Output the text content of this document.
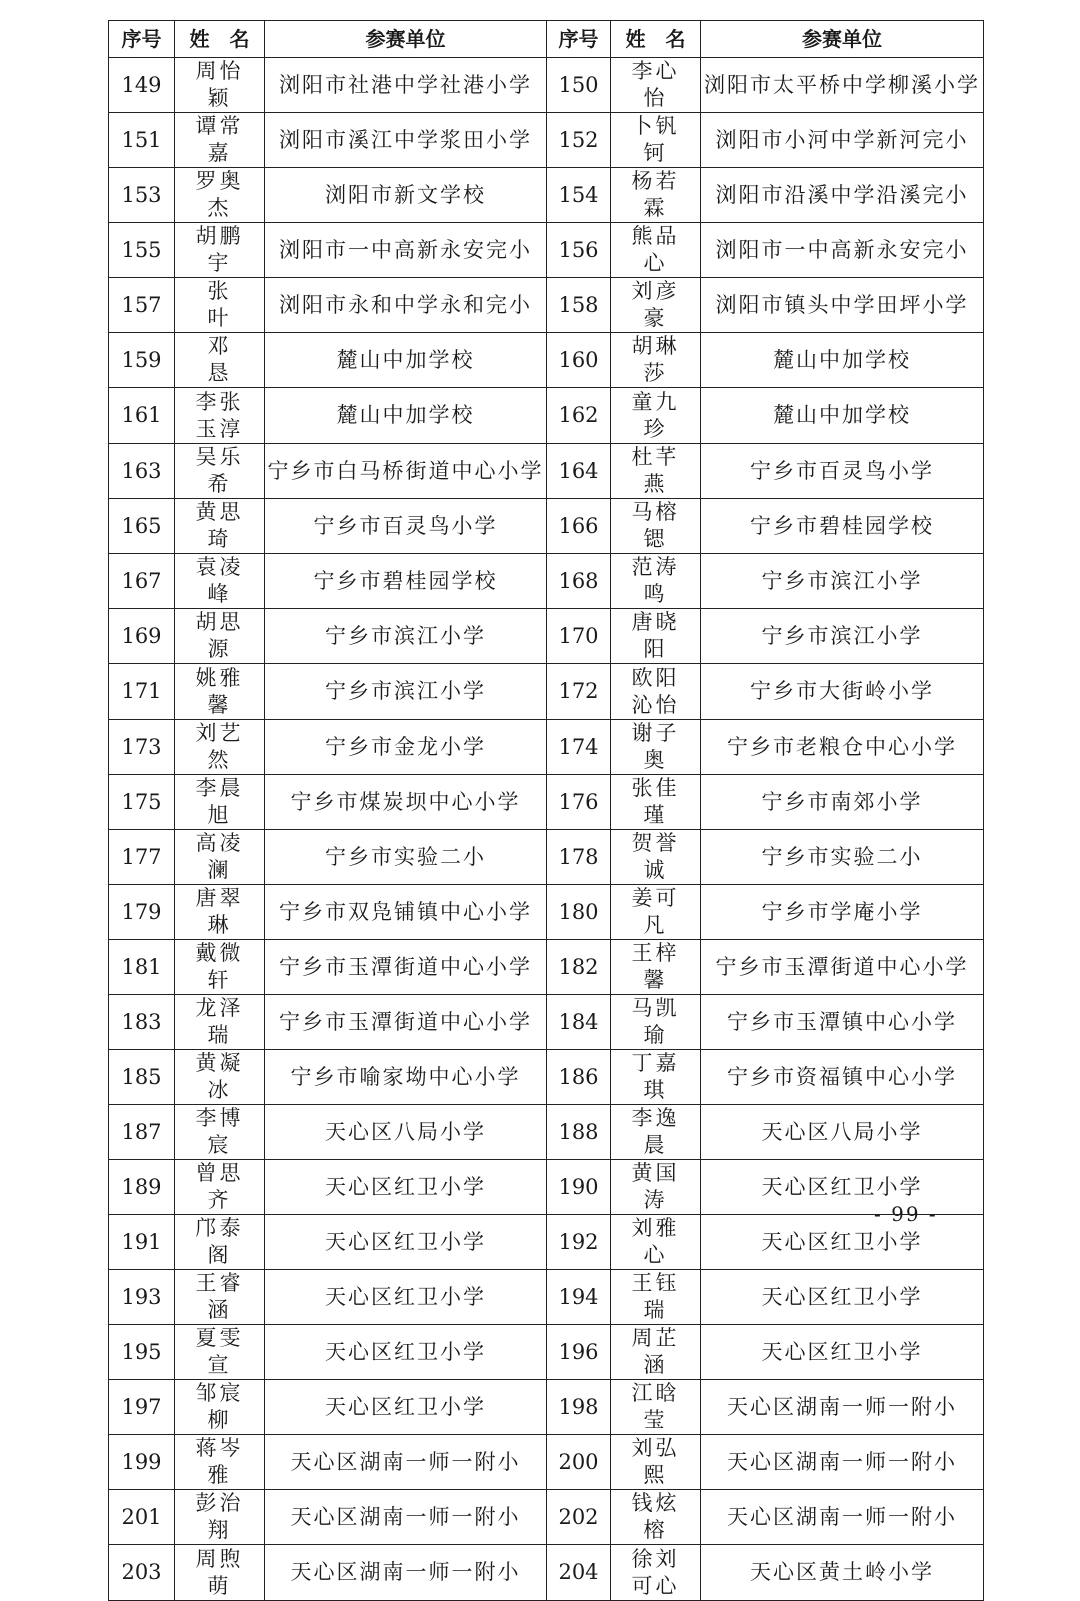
序号	姓　名	参赛单位	序号	姓　名	参赛单位
149	周怡颖	浏阳市社港中学社港小学	150	李心怡	浏阳市太平桥中学柳溪小学
151	谭常嘉	浏阳市溪江中学浆田小学	152	卜钒钶	浏阳市小河中学新河完小
153	罗奥杰	浏阳市新文学校	154	杨若霖	浏阳市沿溪中学沿溪完小
155	胡鹏宇	浏阳市一中高新永安完小	156	熊品心	浏阳市一中高新永安完小
157	张　叶	浏阳市永和中学永和完小	158	刘彦豪	浏阳市镇头中学田坪小学
159	邓　恳	麓山中加学校	160	胡琳莎	麓山中加学校
161	李张玉淳	麓山中加学校	162	童九珍	麓山中加学校
163	吴乐希	宁乡市白马桥街道中心小学	164	杜芊燕	宁乡市百灵鸟小学
165	黄思琦	宁乡市百灵鸟小学	166	马榕锶	宁乡市碧桂园学校
167	袁凌峰	宁乡市碧桂园学校	168	范涛鸣	宁乡市滨江小学
169	胡思源	宁乡市滨江小学	170	唐晓阳	宁乡市滨江小学
171	姚雅馨	宁乡市滨江小学	172	欧阳沁怡	宁乡市大街岭小学
173	刘艺然	宁乡市金龙小学	174	谢子奥	宁乡市老粮仓中心小学
175	李晨旭	宁乡市煤炭坝中心小学	176	张佳瑾	宁乡市南郊小学
177	高凌澜	宁乡市实验二小	178	贺誉诚	宁乡市实验二小
179	唐翠琳	宁乡市双凫铺镇中心小学	180	姜可凡	宁乡市学庵小学
181	戴微轩	宁乡市玉潭街道中心小学	182	王梓馨	宁乡市玉潭街道中心小学
183	龙泽瑞	宁乡市玉潭街道中心小学	184	马凯瑜	宁乡市玉潭镇中心小学
185	黄凝冰	宁乡市喻家坳中心小学	186	丁嘉琪	宁乡市资福镇中心小学
187	李博宸	天心区八局小学	188	李逸晨	天心区八局小学
189	曾思齐	天心区红卫小学	190	黄国涛	天心区红卫小学
191	邝泰阁	天心区红卫小学	192	刘雅心	天心区红卫小学
193	王睿涵	天心区红卫小学	194	王钰瑞	天心区红卫小学
195	夏雯宣	天心区红卫小学	196	周芷涵	天心区红卫小学
197	邹宸柳	天心区红卫小学	198	江晗莹	天心区湖南一师一附小
199	蒋岑雅	天心区湖南一师一附小	200	刘弘熙	天心区湖南一师一附小
201	彭治翔	天心区湖南一师一附小	202	钱炫榕	天心区湖南一师一附小
203	周煦萌	天心区湖南一师一附小	204	徐刘可心	天心区黄土岭小学
- 99 -
